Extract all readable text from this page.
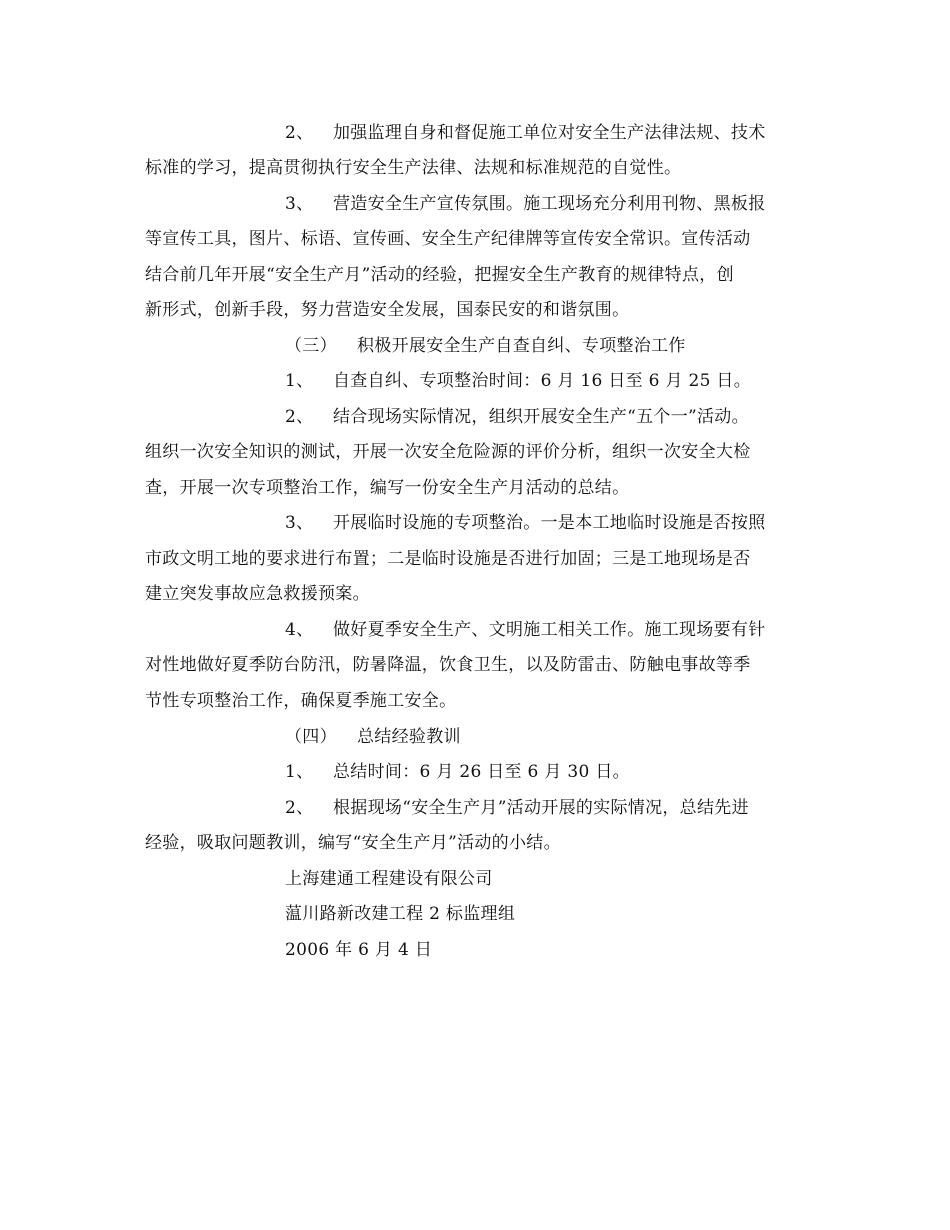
2、 加强监理自身和督促施工单位对安全生产法律法规、技术
标准的学习，提高贯彻执行安全生产法律、法规和标准规范的自觉性。
3、 营造安全生产宣传氛围。施工现场充分利用刊物、黑板报
等宣传工具，图片、标语、宣传画、安全生产纪律牌等宣传安全常识。宣传活动
结合前几年开展“安全生产月”活动的经验，把握安全生产教育的规律特点，创
新形式，创新手段，努力营造安全发展，国泰民安的和谐氛围。
（三） 积极开展安全生产自查自纠、专项整治工作
1、 自查自纠、专项整治时间：6 月 16 日至 6 月 25 日。
2、 结合现场实际情况，组织开展安全生产“五个一”活动。
组织一次安全知识的测试，开展一次安全危险源的评价分析，组织一次安全大检
查，开展一次专项整治工作，编写一份安全生产月活动的总结。
3、 开展临时设施的专项整治。一是本工地临时设施是否按照
市政文明工地的要求进行布置；二是临时设施是否进行加固；三是工地现场是否
建立突发事故应急救援预案。
4、 做好夏季安全生产、文明施工相关工作。施工现场要有针
对性地做好夏季防台防汛，防暑降温，饮食卫生，以及防雷击、防触电事故等季
节性专项整治工作，确保夏季施工安全。
（四） 总结经验教训
1、 总结时间：6 月 26 日至 6 月 30 日。
2、 根据现场“安全生产月”活动开展的实际情况，总结先进
经验，吸取问题教训，编写“安全生产月”活动的小结。
上海建通工程建设有限公司
蕰川路新改建工程 2 标监理组
2006 年 6 月 4 日
